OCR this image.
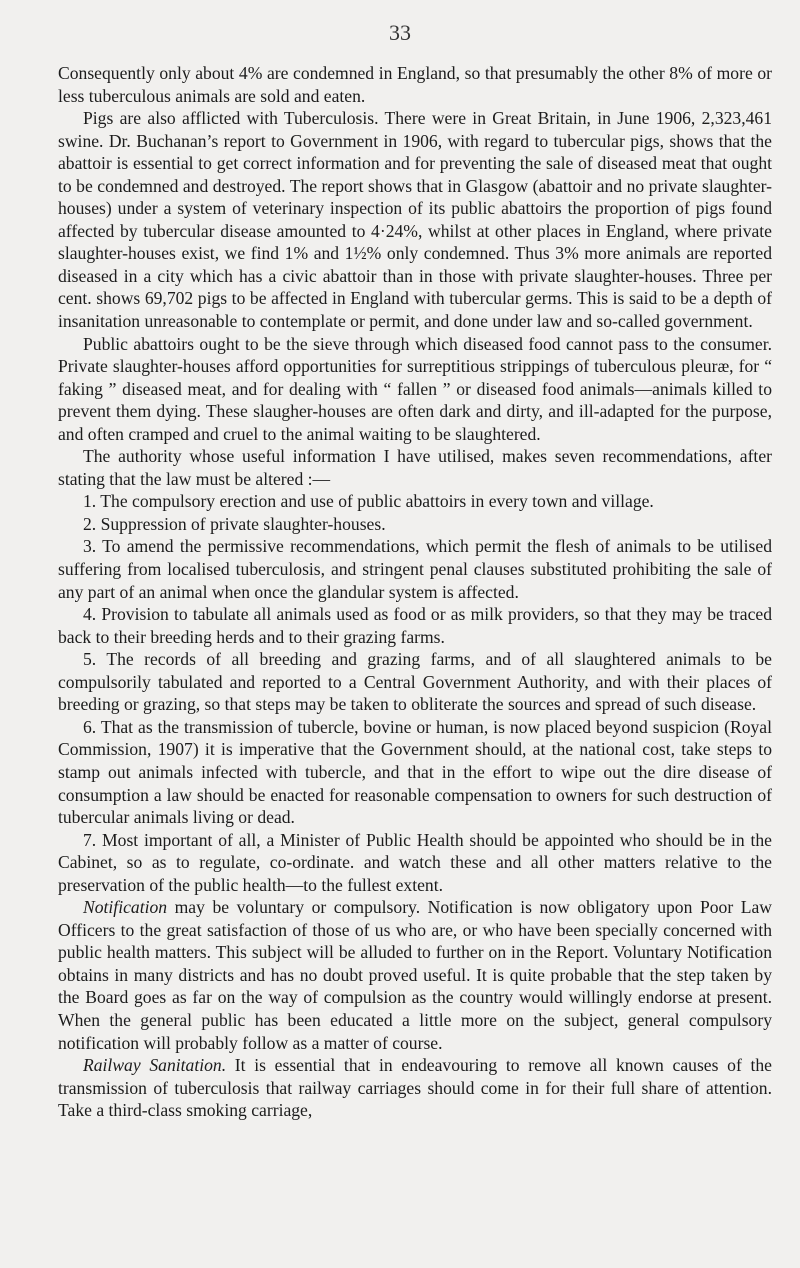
33

Consequently only about 4% are condemned in England, so that presumably the other 8% of more or less tuberculous animals are sold and eaten.

Pigs are also afflicted with Tuberculosis. There were in Great Britain, in June 1906, 2,323,461 swine. Dr. Buchanan’s report to Government in 1906, with regard to tubercular pigs, shows that the abattoir is essential to get correct information and for preventing the sale of diseased meat that ought to be condemned and destroyed. The report shows that in Glasgow (abattoir and no private slaughter-houses) under a system of veterinary inspection of its public abattoirs the proportion of pigs found affected by tubercular disease amounted to 4·24%, whilst at other places in England, where private slaughter-houses exist, we find 1% and 1½% only condemned. Thus 3% more animals are reported diseased in a city which has a civic abattoir than in those with private slaughter-houses. Three per cent. shows 69,702 pigs to be affected in England with tubercular germs. This is said to be a depth of insanitation unreasonable to contemplate or permit, and done under law and so-called government.

Public abattoirs ought to be the sieve through which diseased food cannot pass to the consumer. Private slaughter-houses afford opportunities for surreptitious strippings of tuberculous pleuræ, for “ faking ” diseased meat, and for dealing with “ fallen ” or diseased food animals—animals killed to prevent them dying. These slaugher-houses are often dark and dirty, and ill-adapted for the purpose, and often cramped and cruel to the animal waiting to be slaughtered.

The authority whose useful information I have utilised, makes seven recommendations, after stating that the law must be altered :—

1. The compulsory erection and use of public abattoirs in every town and village.

2. Suppression of private slaughter-houses.

3. To amend the permissive recommendations, which permit the flesh of animals to be utilised suffering from localised tuberculosis, and stringent penal clauses substituted prohibiting the sale of any part of an animal when once the glandular system is affected.

4. Provision to tabulate all animals used as food or as milk providers, so that they may be traced back to their breeding herds and to their grazing farms.

5. The records of all breeding and grazing farms, and of all slaughtered animals to be compulsorily tabulated and reported to a Central Government Authority, and with their places of breeding or grazing, so that steps may be taken to obliterate the sources and spread of such disease.

6. That as the transmission of tubercle, bovine or human, is now placed beyond suspicion (Royal Commission, 1907) it is imperative that the Government should, at the national cost, take steps to stamp out animals infected with tubercle, and that in the effort to wipe out the dire disease of consumption a law should be enacted for reasonable compensation to owners for such destruction of tubercular animals living or dead.

7. Most important of all, a Minister of Public Health should be appointed who should be in the Cabinet, so as to regulate, co-ordinate. and watch these and all other matters relative to the preservation of the public health—to the fullest extent.

Notification may be voluntary or compulsory. Notification is now obligatory upon Poor Law Officers to the great satisfaction of those of us who are, or who have been specially concerned with public health matters. This subject will be alluded to further on in the Report. Voluntary Notification obtains in many districts and has no doubt proved useful. It is quite probable that the step taken by the Board goes as far on the way of compulsion as the country would willingly endorse at present. When the general public has been educated a little more on the subject, general compulsory notification will probably follow as a matter of course.

Railway Sanitation. It is essential that in endeavouring to remove all known causes of the transmission of tuberculosis that railway carriages should come in for their full share of attention. Take a third-class smoking carriage,
